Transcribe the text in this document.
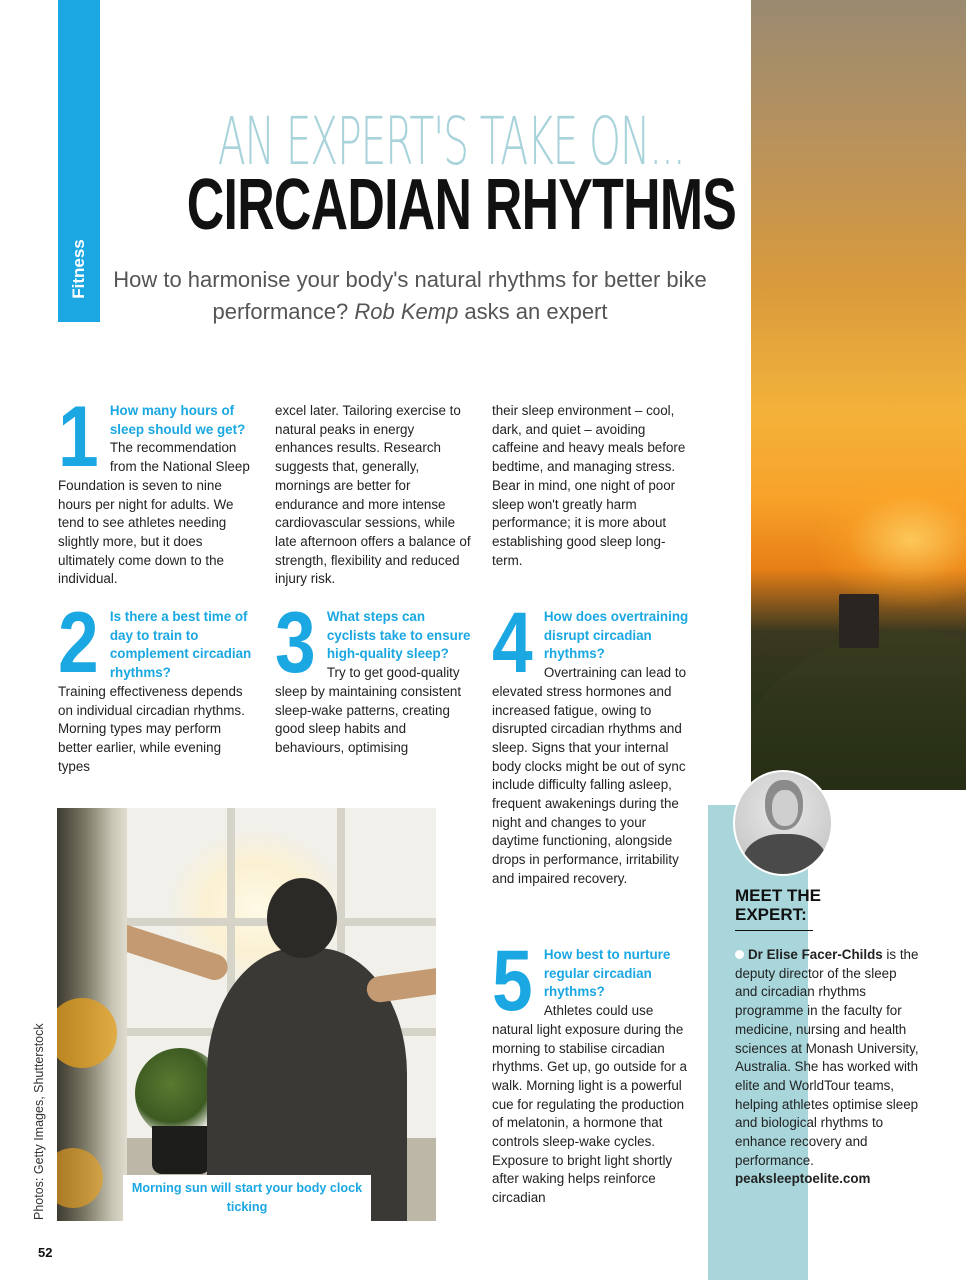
Fitness
AN EXPERT'S TAKE ON...
CIRCADIAN RHYTHMS

How to harmonise your body's natural rhythms for better bike performance? Rob Kemp asks an expert

1 How many hours of sleep should we get?
The recommendation from the National Sleep Foundation is seven to nine hours per night for adults. We tend to see athletes needing slightly more, but it does ultimately come down to the individual.
2 Is there a best time of day to train to complement circadian rhythms?
Training effectiveness depends on individual circadian rhythms. Morning types may perform better earlier, while evening types
excel later. Tailoring exercise to natural peaks in energy enhances results. Research suggests that, generally, mornings are better for endurance and more intense cardiovascular sessions, while late afternoon offers a balance of strength, flexibility and reduced injury risk.
3 What steps can cyclists take to ensure high-quality sleep?
Try to get good-quality sleep by maintaining consistent sleep-wake patterns, creating good sleep habits and behaviours, optimising
their sleep environment – cool, dark, and quiet – avoiding caffeine and heavy meals before bedtime, and managing stress. Bear in mind, one night of poor sleep won't greatly harm performance; it is more about establishing good sleep long-term.
4 How does overtraining disrupt circadian rhythms?
Overtraining can lead to elevated stress hormones and increased fatigue, owing to disrupted circadian rhythms and sleep. Signs that your internal body clocks might be out of sync include difficulty falling asleep, frequent awakenings during the night and changes to your daytime functioning, alongside drops in performance, irritability and impaired recovery.
5 How best to nurture regular circadian rhythms?
Athletes could use natural light exposure during the morning to stabilise circadian rhythms. Get up, go outside for a walk. Morning light is a powerful cue for regulating the production of melatonin, a hormone that controls sleep-wake cycles. Exposure to bright light shortly after waking helps reinforce circadian
MEET THE EXPERT:

Dr Elise Facer-Childs is the deputy director of the sleep and circadian rhythms programme in the faculty for medicine, nursing and health sciences at Monash University, Australia. She has worked with elite and WorldTour teams, helping athletes optimise sleep and biological rhythms to enhance recovery and performance.
peaksleeptoelite.com

Morning sun will start your body clock ticking
Photos: Getty Images, Shutterstock
52
